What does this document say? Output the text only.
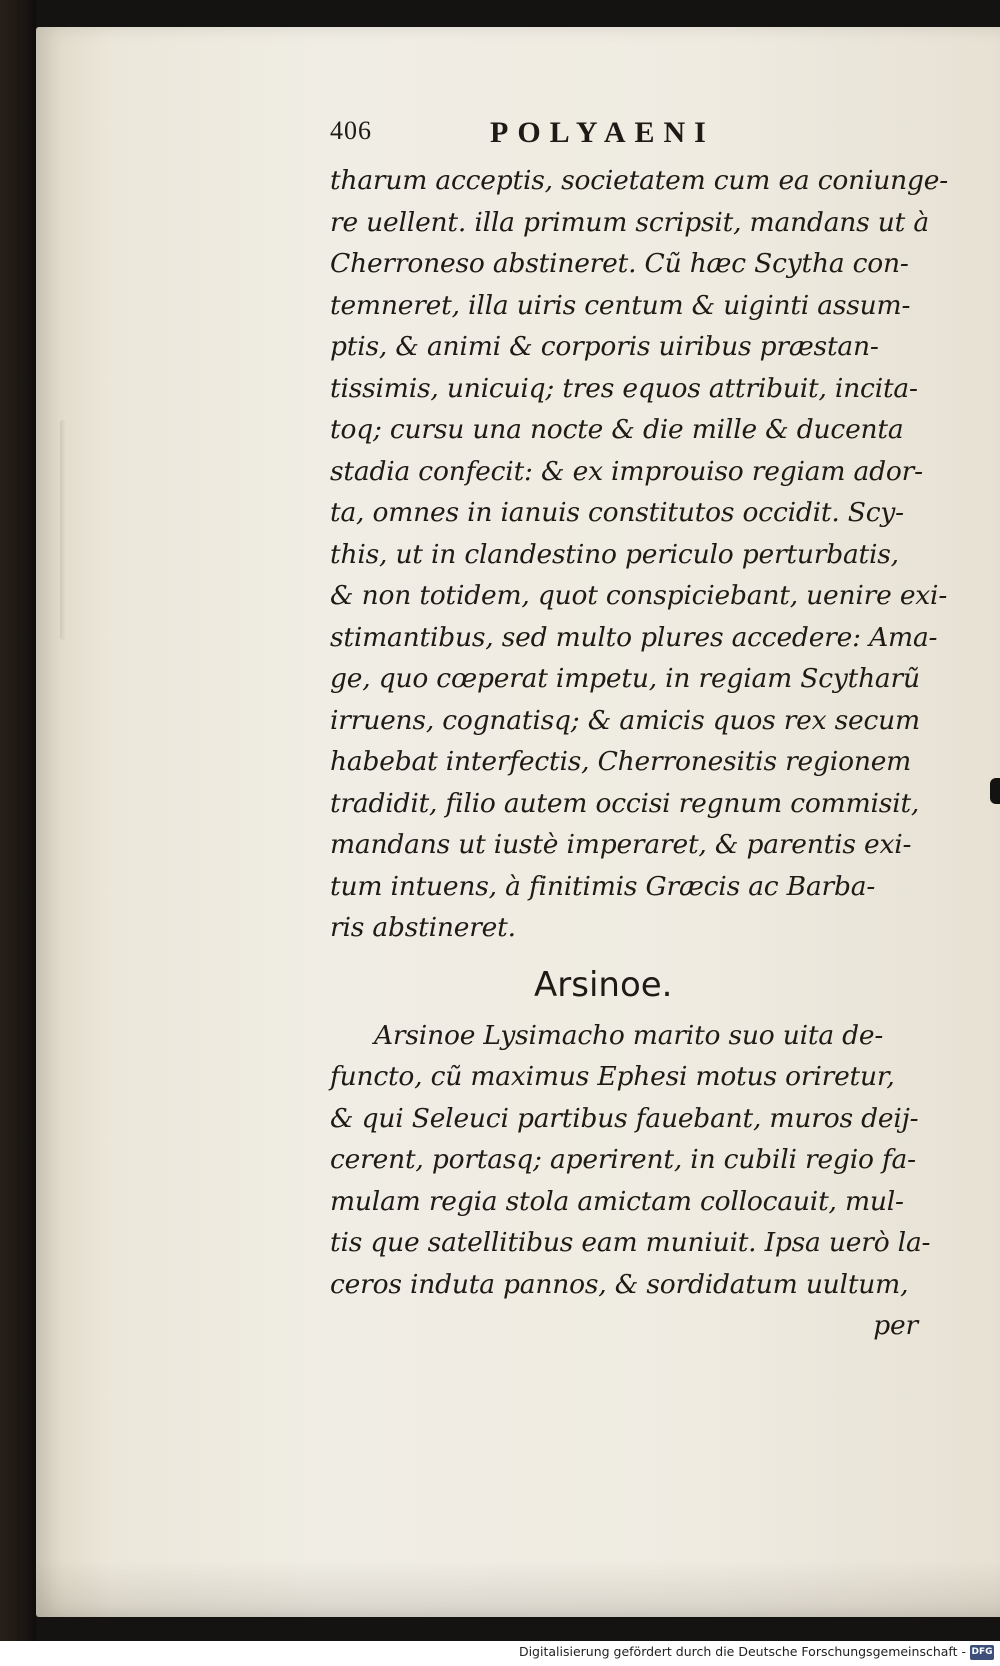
406	POLYAENI
tharum acceptis, societatem cum ea coniunge-
re uellent. illa primum scripsit, mandans ut à
Cherroneso abstineret. Cũ hæc Scytha con-
temneret, illa uiris centum & uiginti assum-
ptis, & animi & corporis uiribus præstan-
tissimis, unicuiq; tres equos attribuit, incita-
toq; cursu una nocte & die mille & ducenta
stadia confecit: & ex improuiso regiam ador-
ta, omnes in ianuis constitutos occidit. Scy-
this, ut in clandestino periculo perturbatis,
& non totidem, quot conspiciebant, uenire exi-
stimantibus, sed multo plures accedere: Ama-
ge, quo cœperat impetu, in regiam Scytharũ
irruens, cognatisq; & amicis quos rex secum
habebat interfectis, Cherronesitis regionem
tradidit, filio autem occisi regnum commisit,
mandans ut iustè imperaret, & parentis exi-
tum intuens, à finitimis Græcis ac Barba-
ris abstineret.
Arsinoe.
Arsinoe Lysimacho marito suo uita de-
functo, cũ maximus Ephesi motus oriretur,
& qui Seleuci partibus fauebant, muros deij-
cerent, portasq; aperirent, in cubili regio fa-
mulam regia stola amictam collocauit, mul-
tis que satellitibus eam muniuit. Ipsa uerò la-
ceros induta pannos, & sordidatum uultum,
per
Digitalisierung gefördert durch die Deutsche Forschungsgemeinschaft - DFG
